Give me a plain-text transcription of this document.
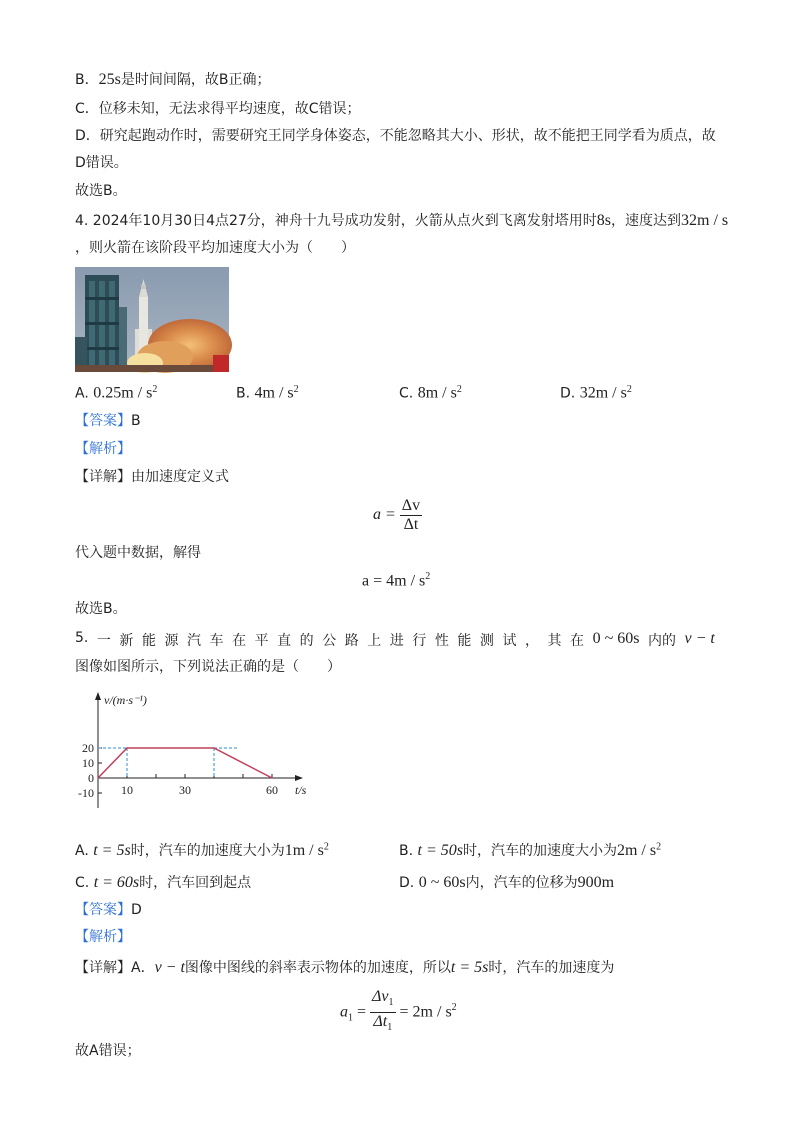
B．25s是时间间隔，故B正确；
C．位移未知，无法求得平均速度，故C错误；
D．研究起跑动作时，需要研究王同学身体姿态，不能忽略其大小、形状，故不能把王同学看为质点，故
D错误。
故选B。
4. 2024年10月30日4点27分，神舟十九号成功发射，火箭从点火到飞离发射塔用时8s，速度达到32m / s
，则火箭在该阶段平均加速度大小为（　　）
A. $0.25m / s^2$	B. $4m / s^2$	C. $8m / s^2$	D. $32m / s^2$
【答案】B
【解析】
【详解】由加速度定义式
$a = \frac{\Delta v}{\Delta t}$
代入题中数据，解得
$a = 4m / s^2$
故选B。
5. 一 新 能 源 汽 车 在 平 直 的 公 路 上 进 行 性 能 测 试 ， 其 在 0 ~ 60s 内的 v − t
图像如图所示，下列说法正确的是（　　）
10	30	60
20
10
0
-10
v/(m·s⁻¹)
t/s
A. t = 5s时，汽车的加速度大小为$1m / s^2$	B. t = 50s时，汽车的加速度大小为$2m / s^2$
C. t = 60s时，汽车回到起点	D. 0 ~ 60s内，汽车的位移为900m
【答案】D
【解析】
【详解】A．v − t图像中图线的斜率表示物体的加速度，所以t = 5s时，汽车的加速度为
$a_1 = \frac{\Delta v_1}{\Delta t_1} = 2m / s^2$
故A错误；
